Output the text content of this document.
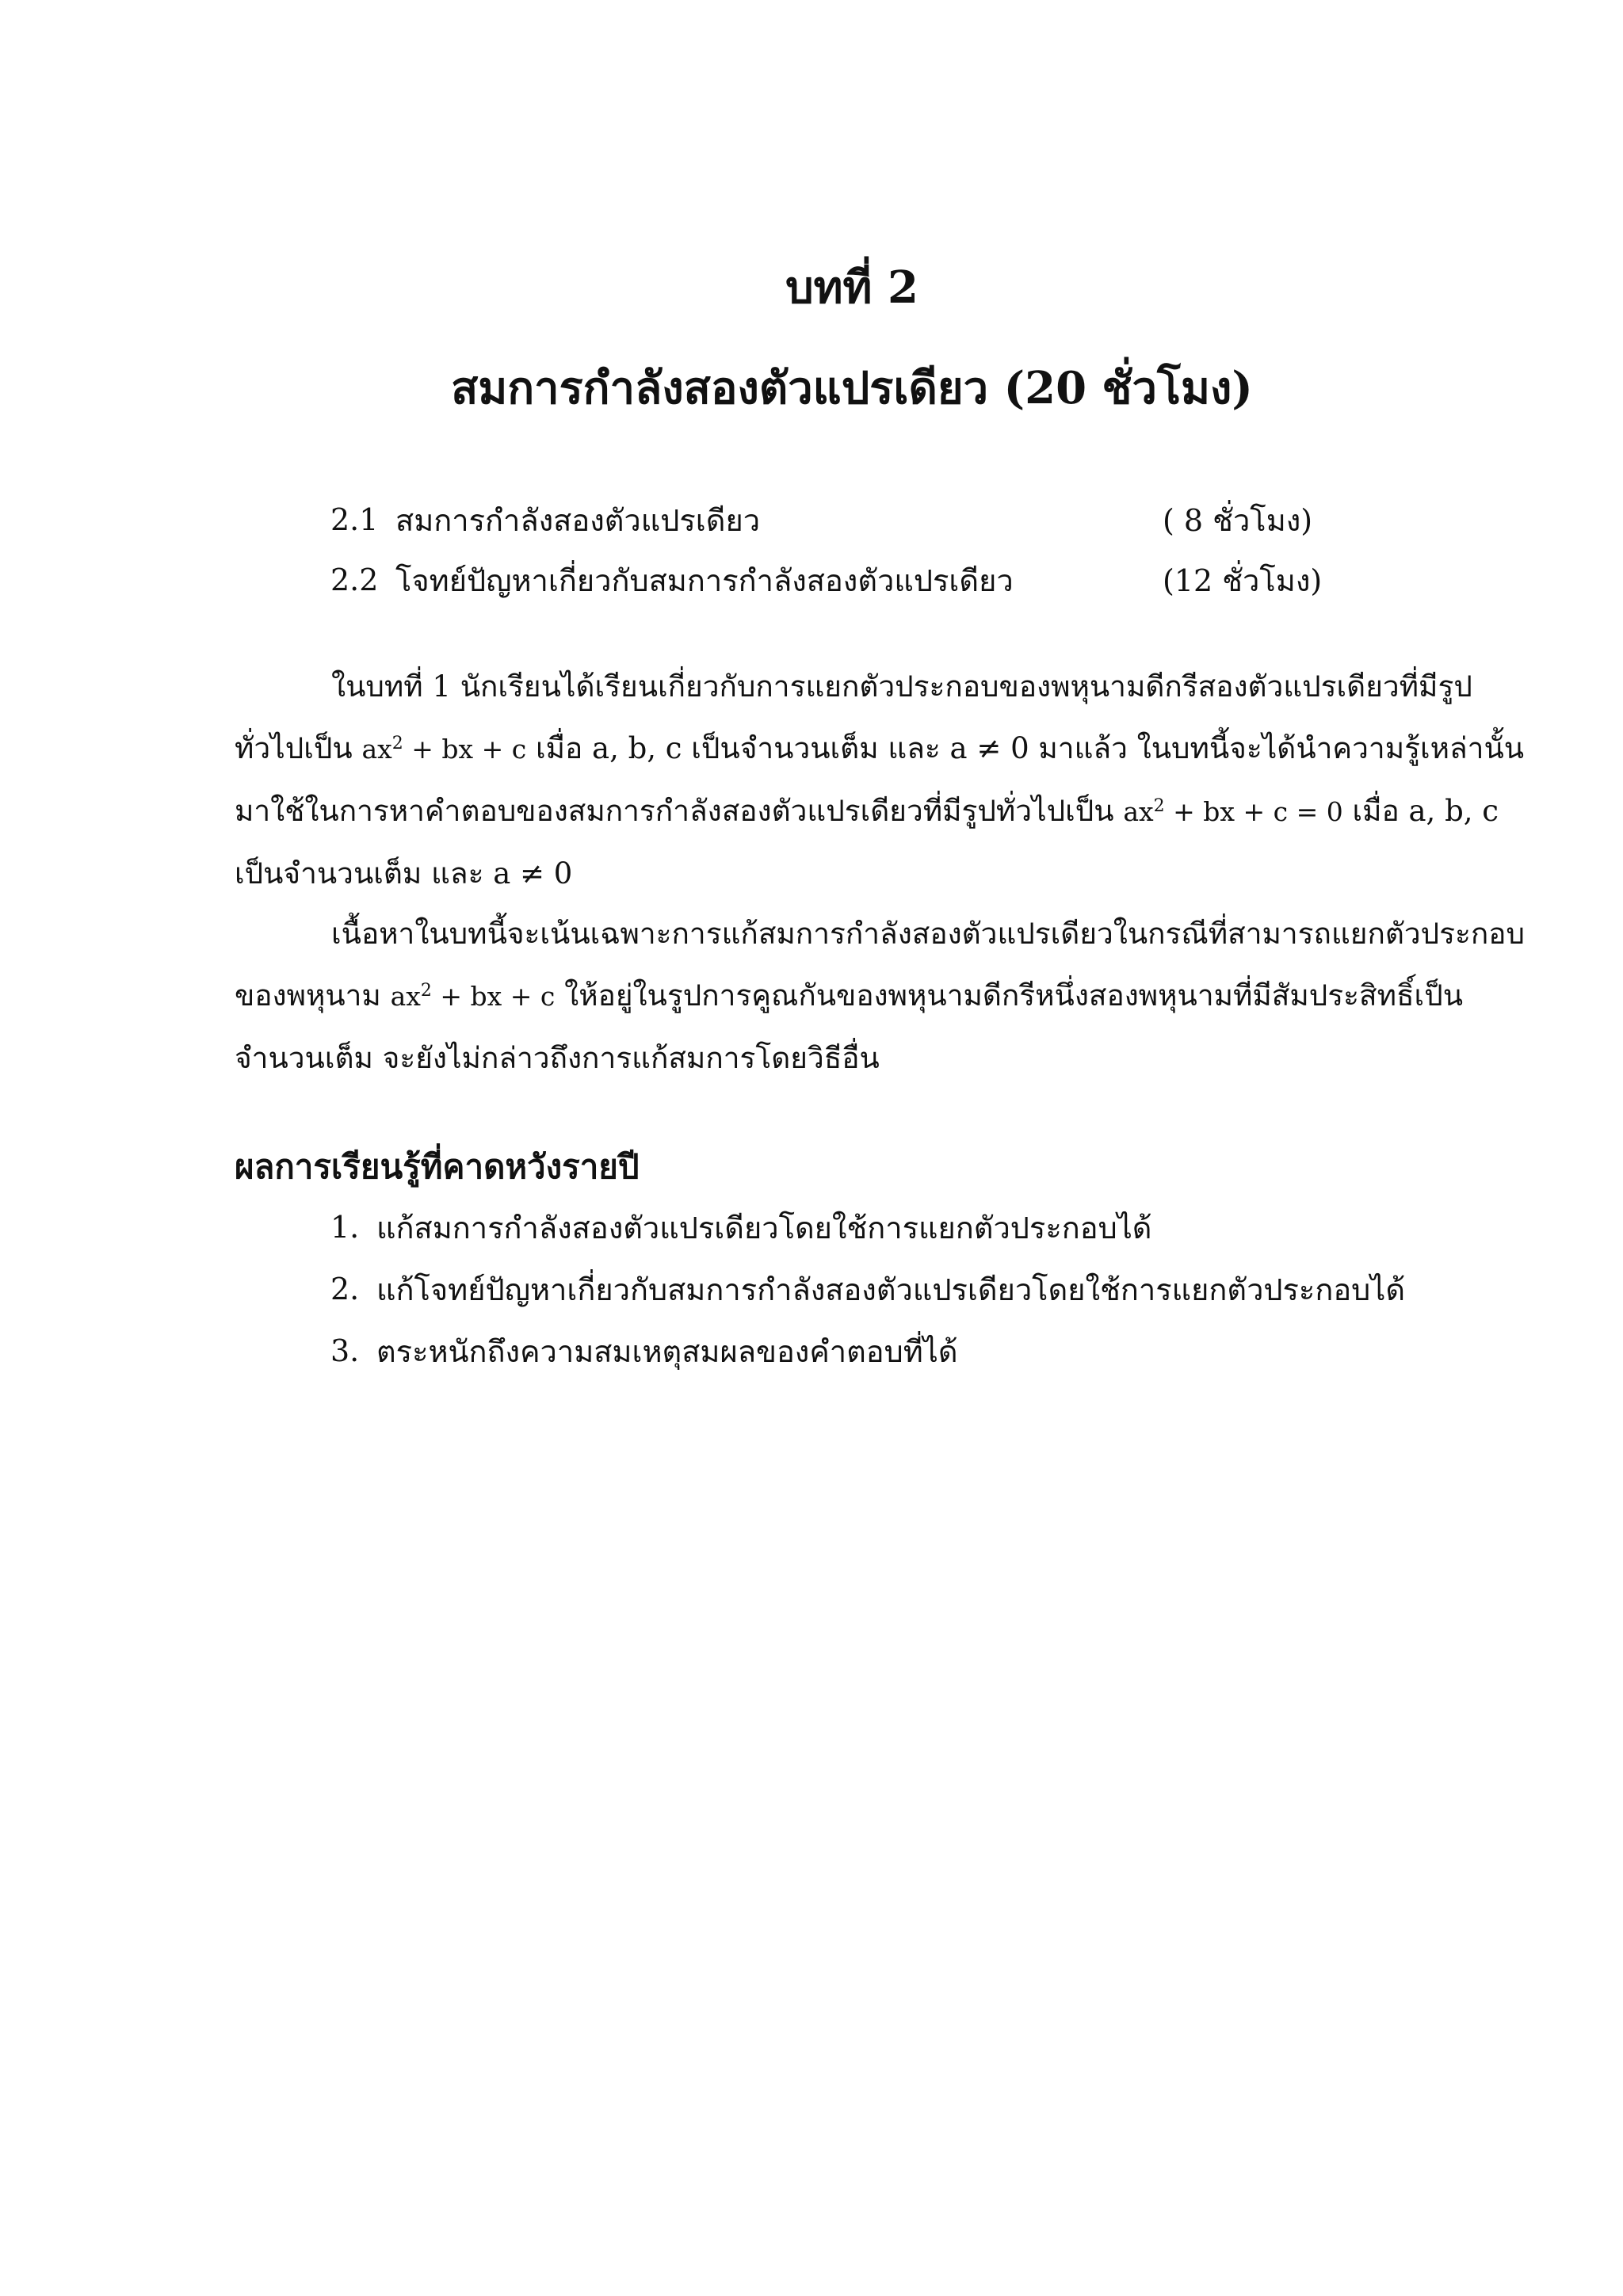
บทที่ 2
สมการกำลังสองตัวแปรเดียว (20 ชั่วโมง)
2.1 สมการกำลังสองตัวแปรเดียว	( 8 ชั่วโมง)
2.2 โจทย์ปัญหาเกี่ยวกับสมการกำลังสองตัวแปรเดียว	(12 ชั่วโมง)
ในบทที่ 1 นักเรียนได้เรียนเกี่ยวกับการแยกตัวประกอบของพหุนามดีกรีสองตัวแปรเดียวที่มีรูป
ทั่วไปเป็น $ax^2$ + bx + c เมื่อ a, b, c เป็นจำนวนเต็ม และ a ≠ 0 มาแล้ว ในบทนี้จะได้นำความรู้เหล่านั้น
มาใช้ในการหาคำตอบของสมการกำลังสองตัวแปรเดียวที่มีรูปทั่วไปเป็น $ax^2$ + bx + c = 0 เมื่อ a, b, c
เป็นจำนวนเต็ม และ a ≠ 0
เนื้อหาในบทนี้จะเน้นเฉพาะการแก้สมการกำลังสองตัวแปรเดียวในกรณีที่สามารถแยกตัวประกอบ
ของพหุนาม $ax^2$ + bx + c ให้อยู่ในรูปการคูณกันของพหุนามดีกรีหนึ่งสองพหุนามที่มีสัมประสิทธิ์เป็น
จำนวนเต็ม จะยังไม่กล่าวถึงการแก้สมการโดยวิธีอื่น
ผลการเรียนรู้ที่คาดหวังรายปี
1. แก้สมการกำลังสองตัวแปรเดียวโดยใช้การแยกตัวประกอบได้
2. แก้โจทย์ปัญหาเกี่ยวกับสมการกำลังสองตัวแปรเดียวโดยใช้การแยกตัวประกอบได้
3. ตระหนักถึงความสมเหตุสมผลของคำตอบที่ได้
